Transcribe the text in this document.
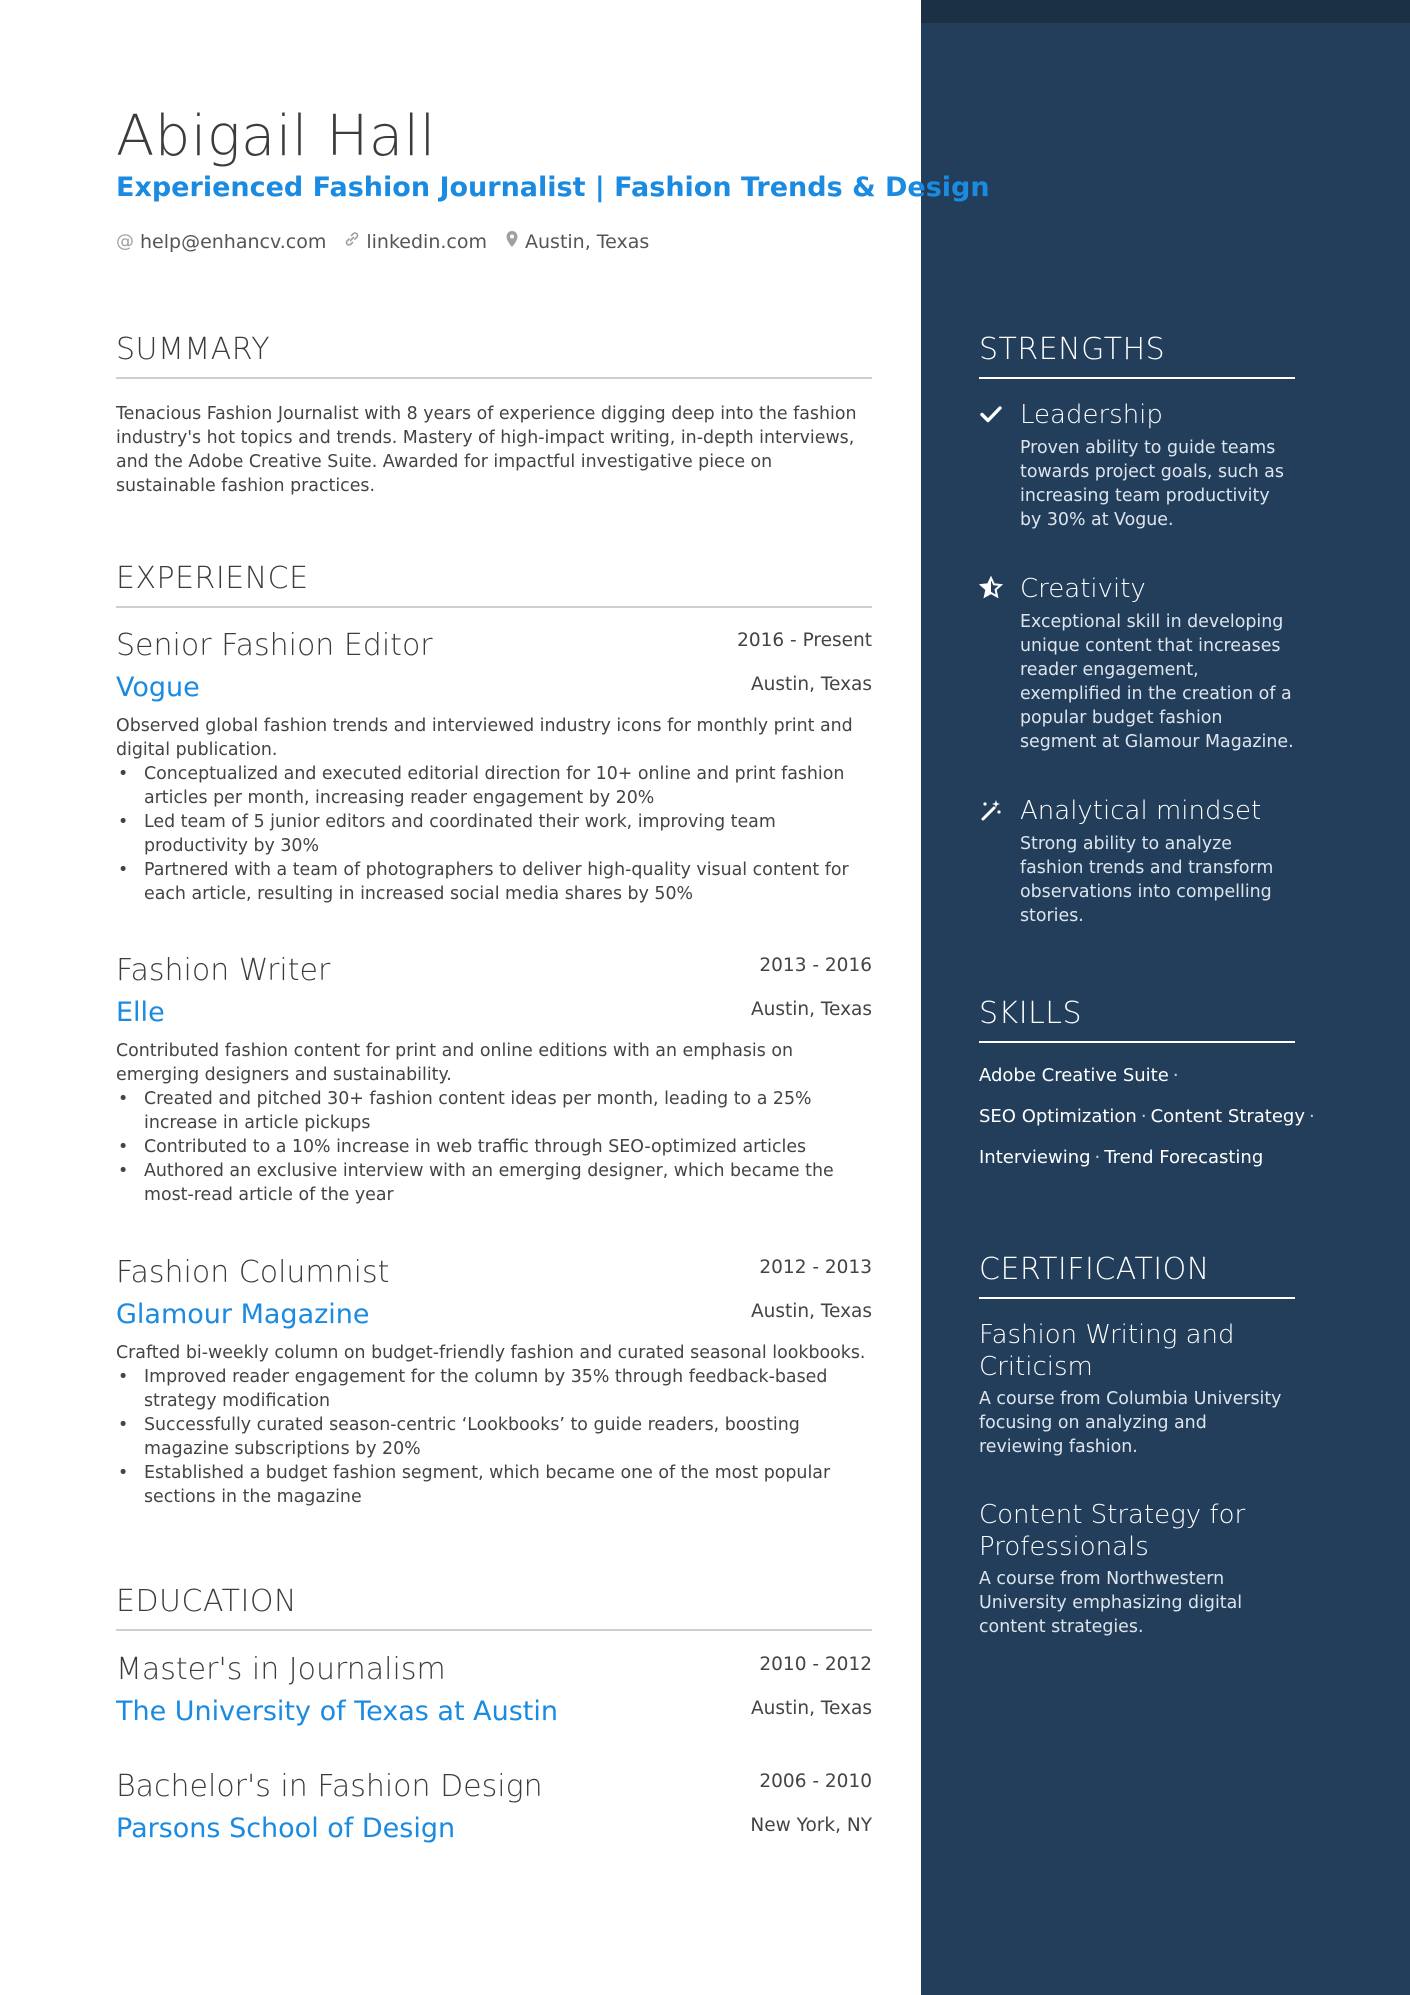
Abigail Hall
Experienced Fashion Journalist | Fashion Trends & Design
@ help@enhancv.com linkedin.com Austin, Texas
SUMMARY

Tenacious Fashion Journalist with 8 years of experience digging deep into the fashion industry's hot topics and trends. Mastery of high-impact writing, in-depth interviews, and the Adobe Creative Suite. Awarded for impactful investigative piece on sustainable fashion practices.

EXPERIENCE

Senior Fashion Editor

Vogue

2016 - Present
Austin, Texas

Observed global fashion trends and interviewed industry icons for monthly print and digital publication.

• Conceptualized and executed editorial direction for 10+ online and print fashion articles per month, increasing reader engagement by 20%
• Led team of 5 junior editors and coordinated their work, improving team productivity by 30%
• Partnered with a team of photographers to deliver high-quality visual content for each article, resulting in increased social media shares by 50%

Fashion Writer

Elle

2013 - 2016
Austin, Texas

Contributed fashion content for print and online editions with an emphasis on emerging designers and sustainability.

• Created and pitched 30+ fashion content ideas per month, leading to a 25% increase in article pickups
• Contributed to a 10% increase in web traffic through SEO-optimized articles
• Authored an exclusive interview with an emerging designer, which became the most-read article of the year

Fashion Columnist

Glamour Magazine

2012 - 2013
Austin, Texas

Crafted bi-weekly column on budget-friendly fashion and curated seasonal lookbooks.

• Improved reader engagement for the column by 35% through feedback-based strategy modification
• Successfully curated season-centric ‘Lookbooks’ to guide readers, boosting magazine subscriptions by 20%
• Established a budget fashion segment, which became one of the most popular sections in the magazine
EDUCATION

Master's in Journalism

The University of Texas at Austin

2010 - 2012
Austin, Texas

Bachelor's in Fashion Design

Parsons School of Design

2006 - 2010
New York, NY
STRENGTHS

Leadership

Proven ability to guide teams towards project goals, such as increasing team productivity by 30% at Vogue.

Creativity

Exceptional skill in developing unique content that increases reader engagement, exemplified in the creation of a popular budget fashion segment at Glamour Magazine.

Analytical mindset

Strong ability to analyze fashion trends and transform observations into compelling stories.

SKILLS
Adobe Creative Suite ·
SEO Optimization · Content Strategy ·
Interviewing · Trend Forecasting
CERTIFICATION

Fashion Writing and Criticism

A course from Columbia University focusing on analyzing and reviewing fashion.

Content Strategy for Professionals

A course from Northwestern University emphasizing digital content strategies.
